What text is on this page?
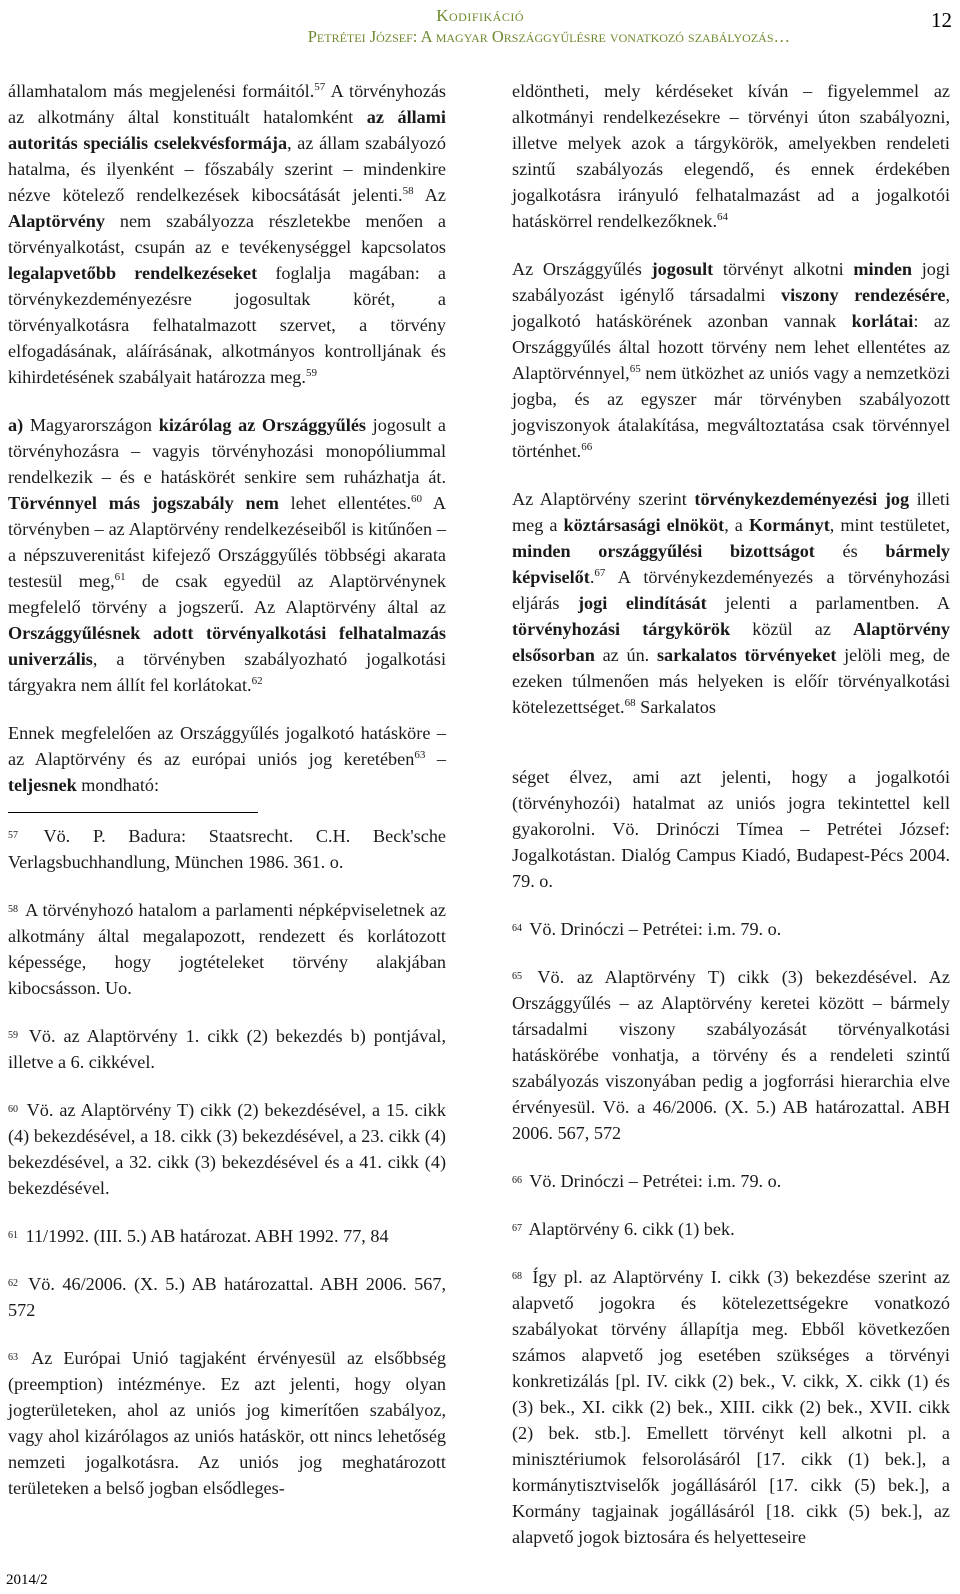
Kodifikáció
Petrétei József: A magyar Országgyűlésre vonatkozó szabályozás…
12

államhatalom más megjelenési formáitól.$^{57}$ A törvényhozás az alkotmány által konstituált hatalomként az állami autoritás speciális cselekvésformája, az állam szabályozó hatalma, és ilyenként – főszabály szerint – mindenkire nézve kötelező rendelkezések kibocsátását jelenti.$^{58}$ Az Alaptörvény nem szabályozza részletekbe menően a törvényalkotást, csupán az e tevékenységgel kapcsolatos legalapvetőbb rendelkezéseket foglalja magában: a törvénykezdeményezésre jogosultak körét, a törvényalkotásra felhatalmazott szervet, a törvény elfogadásának, aláírásának, alkotmányos kontrolljának és kihirdetésének szabályait határozza meg.$^{59}$

a) Magyarországon kizárólag az Országgyűlés jogosult a törvényhozásra – vagyis törvényhozási monopóliummal rendelkezik – és e hatáskörét senkire sem ruházhatja át. Törvénnyel más jogszabály nem lehet ellentétes.$^{60}$ A törvényben – az Alaptörvény rendelkezéseiből is kitűnően – a népszuverenitást kifejező Országgyűlés többségi akarata testesül meg,$^{61}$ de csak egyedül az Alaptörvénynek megfelelő törvény a jogszerű. Az Alaptörvény által az Országgyűlésnek adott törvényalkotási felhatalmazás univerzális, a törvényben szabályozható jogalkotási tárgyakra nem állít fel korlátokat.$^{62}$

Ennek megfelelően az Országgyűlés jogalkotó hatásköre – az Alaptörvény és az európai uniós jog keretében$^{63}$ – teljesnek mondható:

$^{57}$ Vö. P. Badura: Staatsrecht. C.H. Beck'sche Verlagsbuchhandlung, München 1986. 361. o.

$^{58}$ A törvényhozó hatalom a parlamenti népképviseletnek az alkotmány által megalapozott, rendezett és korlátozott képessége, hogy jogtételeket törvény alakjában kibocsásson. Uo.

$^{59}$ Vö. az Alaptörvény 1. cikk (2) bekezdés b) pontjával, illetve a 6. cikkével.

$^{60}$ Vö. az Alaptörvény T) cikk (2) bekezdésével, a 15. cikk (4) bekezdésével, a 18. cikk (3) bekezdésével, a 23. cikk (4) bekezdésével, a 32. cikk (3) bekezdésével és a 41. cikk (4) bekezdésével.

$^{61}$ 11/1992. (III. 5.) AB határozat. ABH 1992. 77, 84

$^{62}$ Vö. 46/2006. (X. 5.) AB határozattal. ABH 2006. 567, 572

$^{63}$ Az Európai Unió tagjaként érvényesül az elsőbbség (preemption) intézménye. Ez azt jelenti, hogy olyan jogterületeken, ahol az uniós jog kimerítően szabályoz, vagy ahol kizárólagos az uniós hatáskör, ott nincs lehetőség nemzeti jogalkotásra. Az uniós jog meghatározott területeken a belső jogban elsődleges-

eldöntheti, mely kérdéseket kíván – figyelemmel az alkotmányi rendelkezésekre – törvényi úton szabályozni, illetve melyek azok a tárgykörök, amelyekben rendeleti szintű szabályozás elegendő, és ennek érdekében jogalkotásra irányuló felhatalmazást ad a jogalkotói hatáskörrel rendelkezőknek.$^{64}$

Az Országgyűlés jogosult törvényt alkotni minden jogi szabályozást igénylő társadalmi viszony rendezésére, jogalkotó hatáskörének azonban vannak korlátai: az Országgyűlés által hozott törvény nem lehet ellentétes az Alaptörvénnyel,$^{65}$ nem ütközhet az uniós vagy a nemzetközi jogba, és az egyszer már törvényben szabályozott jogviszonyok átalakítása, megváltoztatása csak törvénnyel történhet.$^{66}$

Az Alaptörvény szerint törvénykezdeményezési jog illeti meg a köztársasági elnököt, a Kormányt, mint testületet, minden országgyűlési bizottságot és bármely képviselőt.$^{67}$ A törvénykezdeményezés a törvényhozási eljárás jogi elindítását jelenti a parlamentben. A törvényhozási tárgykörök közül az Alaptörvény elsősorban az ún. sarkalatos törvényeket jelöli meg, de ezeken túlmenően más helyeken is előír törvényalkotási kötelezettséget.$^{68}$ Sarkalatos

séget élvez, ami azt jelenti, hogy a jogalkotói (törvényhozói) hatalmat az uniós jogra tekintettel kell gyakorolni. Vö. Drinóczi Tímea – Petrétei József: Jogalkotástan. Dialóg Campus Kiadó, Budapest-Pécs 2004. 79. o.

$^{64}$ Vö. Drinóczi – Petrétei: i.m. 79. o.

$^{65}$ Vö. az Alaptörvény T) cikk (3) bekezdésével. Az Országgyűlés – az Alaptörvény keretei között – bármely társadalmi viszony szabályozását törvényalkotási hatáskörébe vonhatja, a törvény és a rendeleti szintű szabályozás viszonyában pedig a jogforrási hierarchia elve érvényesül. Vö. a 46/2006. (X. 5.) AB határozattal. ABH 2006. 567, 572

$^{66}$ Vö. Drinóczi – Petrétei: i.m. 79. o.

$^{67}$ Alaptörvény 6. cikk (1) bek.

$^{68}$ Így pl. az Alaptörvény I. cikk (3) bekezdése szerint az alapvető jogokra és kötelezettségekre vonatkozó szabályokat törvény állapítja meg. Ebből következően számos alapvető jog esetében szükséges a törvényi konkretizálás [pl. IV. cikk (2) bek., V. cikk, X. cikk (1) és (3) bek., XI. cikk (2) bek., XIII. cikk (2) bek., XVII. cikk (2) bek. stb.]. Emellett törvényt kell alkotni pl. a minisztériumok felsorolásáról [17. cikk (1) bek.], a kormánytisztviselők jogállásáról [17. cikk (5) bek.], a Kormány tagjainak jogállásáról [18. cikk (5) bek.], az alapvető jogok biztosára és helyetteseire

2014/2
